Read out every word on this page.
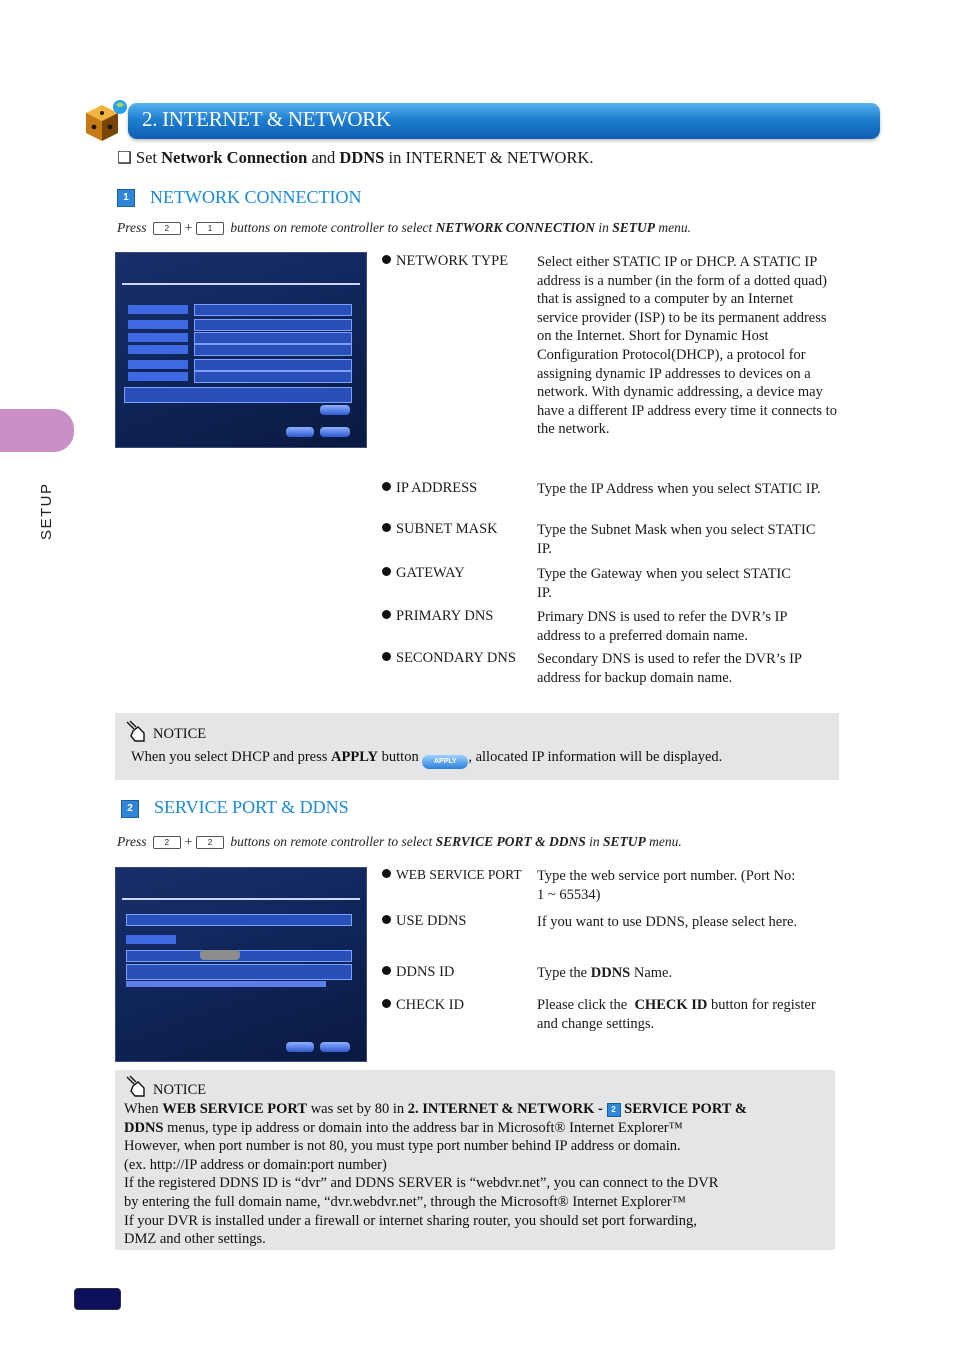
2. INTERNET & NETWORK
❑ Set Network Connection and DDNS in INTERNET & NETWORK.
SETUP
1	NETWORK CONNECTION
Press 2 + 1 buttons on remote controller to select NETWORK CONNECTION in SETUP menu.
NETWORK TYPE Select either STATIC IP or DHCP. A STATIC IP address is a number (in the form of a dotted quad) that is assigned to a computer by an Internet service provider (ISP) to be its permanent address on the Internet. Short for Dynamic Host Configuration Protocol(DHCP), a protocol for assigning dynamic IP addresses to devices on a network. With dynamic addressing, a device may have a different IP address every time it connects to the network.
IP ADDRESS	Type the IP Address when you select STATIC IP.
SUBNET MASK	Type the Subnet Mask when you select STATIC IP.
GATEWAY	Type the Gateway when you select STATIC IP.
PRIMARY DNS	Primary DNS is used to refer the DVR’s IP address to a preferred domain name.
SECONDARY DNS Secondary DNS is used to refer the DVR’s IP address for backup domain name.
NOTICE
When you select DHCP and press APPLY button APPLY , allocated IP information will be displayed.
2	SERVICE PORT & DDNS
Press 2 + 2 buttons on remote controller to select SERVICE PORT & DDNS in SETUP menu.
WEB SERVICE PORT Type the web service port number. (Port No: 1 ~ 65534)
USE DDNS	If you want to use DDNS, please select here.
DDNS ID	Type the DDNS Name.
CHECK ID	Please click the  CHECK ID button for register and change settings.
NOTICE
When WEB SERVICE PORT was set by 80 in 2. INTERNET & NETWORK - 2 SERVICE PORT &
DDNS menus, type ip address or domain into the address bar in Microsoft® Internet Explorer™
However, when port number is not 80, you must type port number behind IP address or domain.
(ex. http://IP address or domain:port number)
If the registered DDNS ID is “dvr” and DDNS SERVER is “webdvr.net”, you can connect to the DVR
by entering the full domain name, “dvr.webdvr.net”, through the Microsoft® Internet Explorer™
If your DVR is installed under a firewall or internet sharing router, you should set port forwarding,
DMZ and other settings.
